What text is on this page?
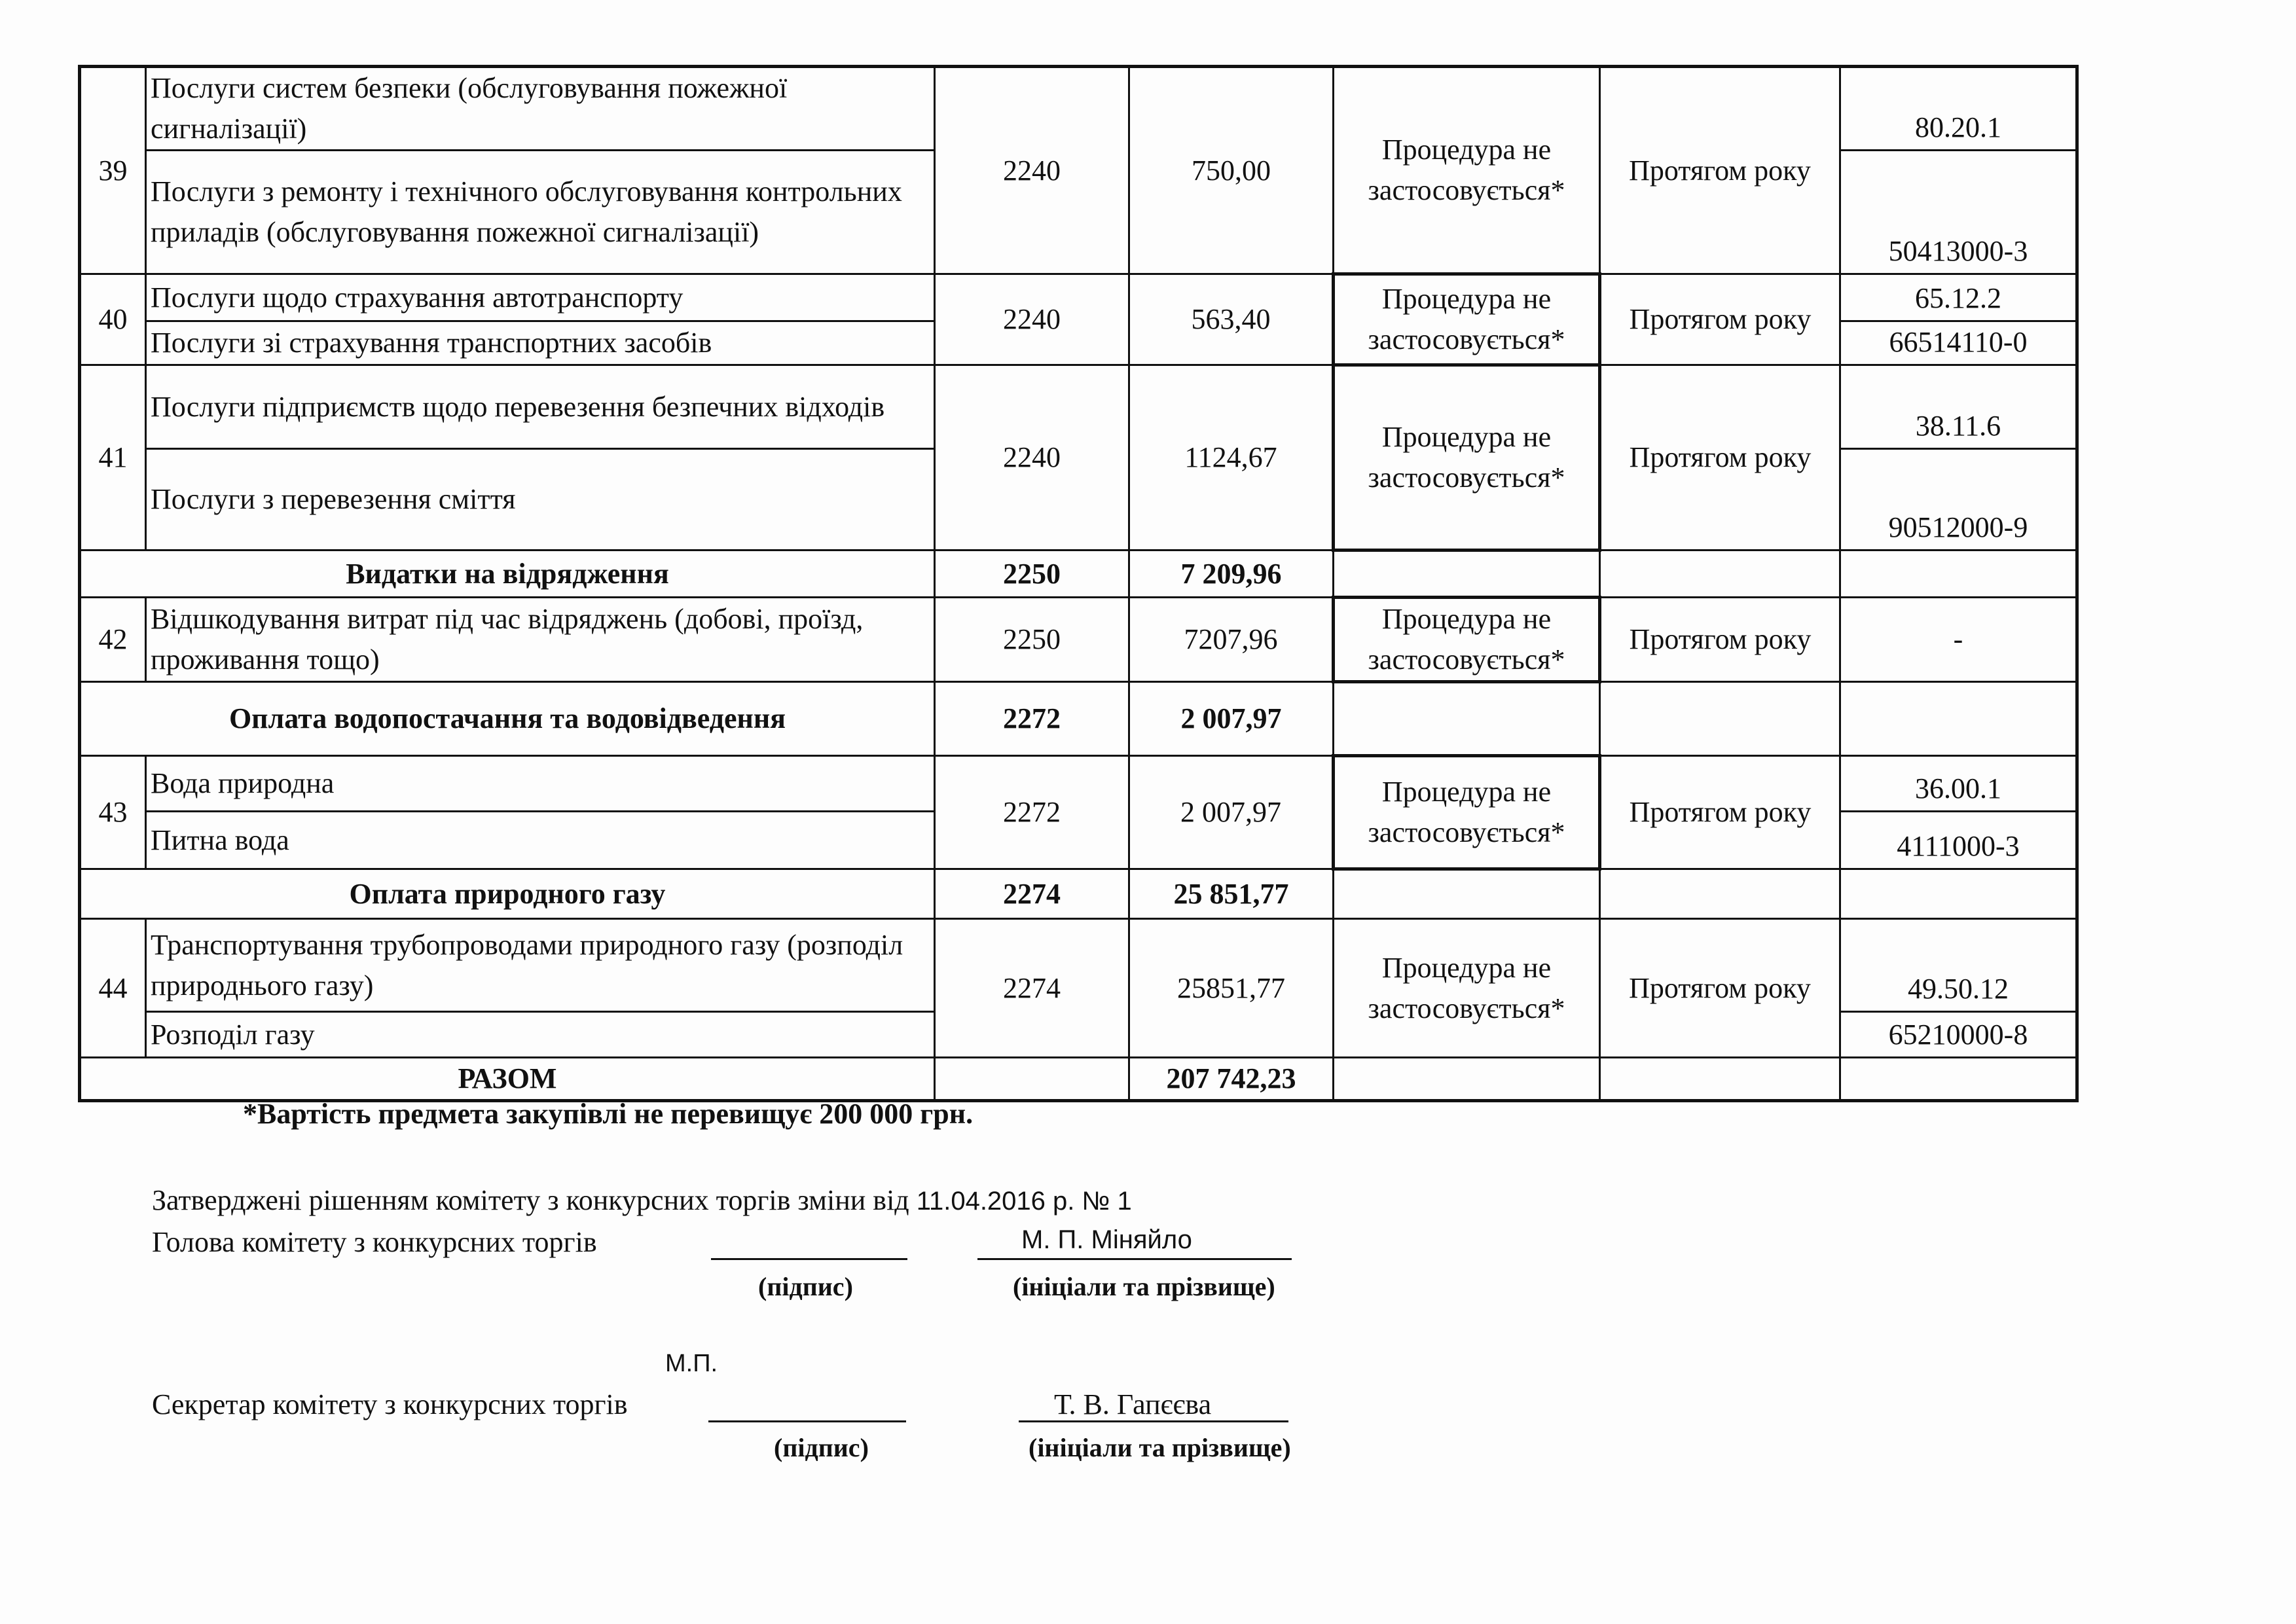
39	Послуги систем безпеки (обслуговування пожежної сигналізації)	2240	750,00	Процедура не застосовується*	Протягом року	80.20.1
	Послуги з ремонту і технічного обслуговування контрольних приладів (обслуговування пожежної сигналізації)					50413000-3
40	Послуги щодо страхування автотранспорту	2240	563,40	Процедура не застосовується*	Протягом року	65.12.2
	Послуги зі страхування транспортних засобів					66514110-0
41	Послуги підприємств щодо перевезення безпечних відходів	2240	1124,67	Процедура не застосовується*	Протягом року	38.11.6
	Послуги з перевезення сміття					90512000-9
Видатки на відрядження		2250	7 209,96			
42	Відшкодування витрат під час відряджень (добові, проїзд, проживання тощо)	2250	7207,96	Процедура не застосовується*	Протягом року	-
Оплата водопостачання та водовідведення		2272	2 007,97			
43	Вода природна	2272	2 007,97	Процедура не застосовується*	Протягом року	36.00.1
	Питна вода					4111000-3
Оплата природного газу		2274	25 851,77			
44	Транспортування трубопроводами природного газу (розподіл природнього газу)	2274	25851,77	Процедура не застосовується*	Протягом року	49.50.12
	Розподіл газу					65210000-8
РАЗОМ			207 742,23			
*Вартість предмета закупівлі не перевищує 200 000 грн.
Затверджені рішенням комітету з конкурсних торгів зміни від 11.04.2016 р. № 1
Голова комітету з конкурсних торгів	М. П. Міняйло
(підпис)	(ініціали та прізвище)
М.П.
Секретар комітету з конкурсних торгів	Т. В. Гапєєва
(підпис)	(ініціали та прізвище)
